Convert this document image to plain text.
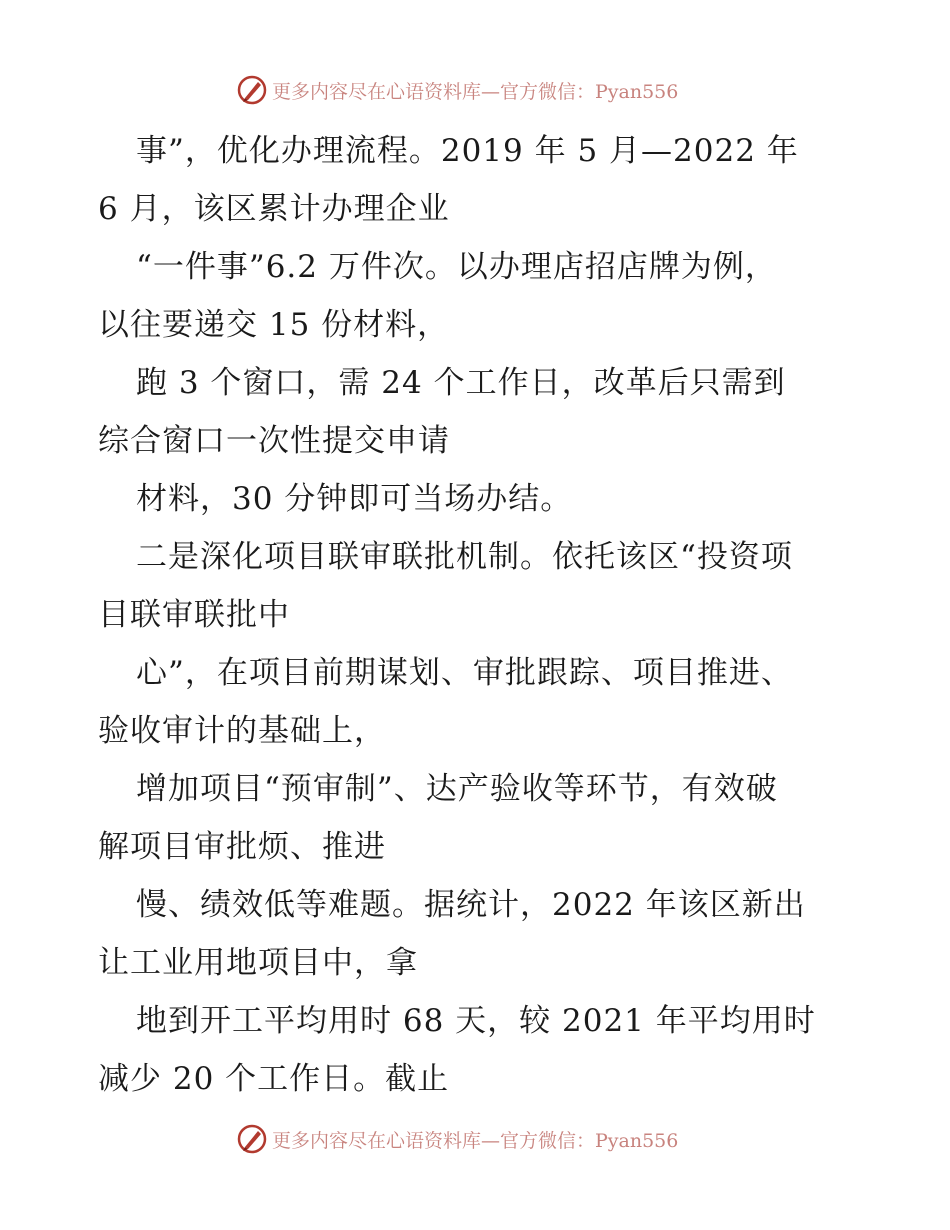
更多内容尽在心语资料库—官方微信：Pyan556
事”，优化办理流程。2019 年 5 月—2022 年
6 月，该区累计办理企业
“一件事”6.2 万件次。以办理店招店牌为例，
以往要递交 15 份材料，
跑 3 个窗口，需 24 个工作日，改革后只需到
综合窗口一次性提交申请
材料，30 分钟即可当场办结。
二是深化项目联审联批机制。依托该区“投资项
目联审联批中
心”，在项目前期谋划、审批跟踪、项目推进、
验收审计的基础上，
增加项目“预审制”、达产验收等环节，有效破
解项目审批烦、推进
慢、绩效低等难题。据统计，2022 年该区新出
让工业用地项目中，拿
地到开工平均用时 68 天，较 2021 年平均用时
减少 20 个工作日。截止
更多内容尽在心语资料库—官方微信：Pyan556
